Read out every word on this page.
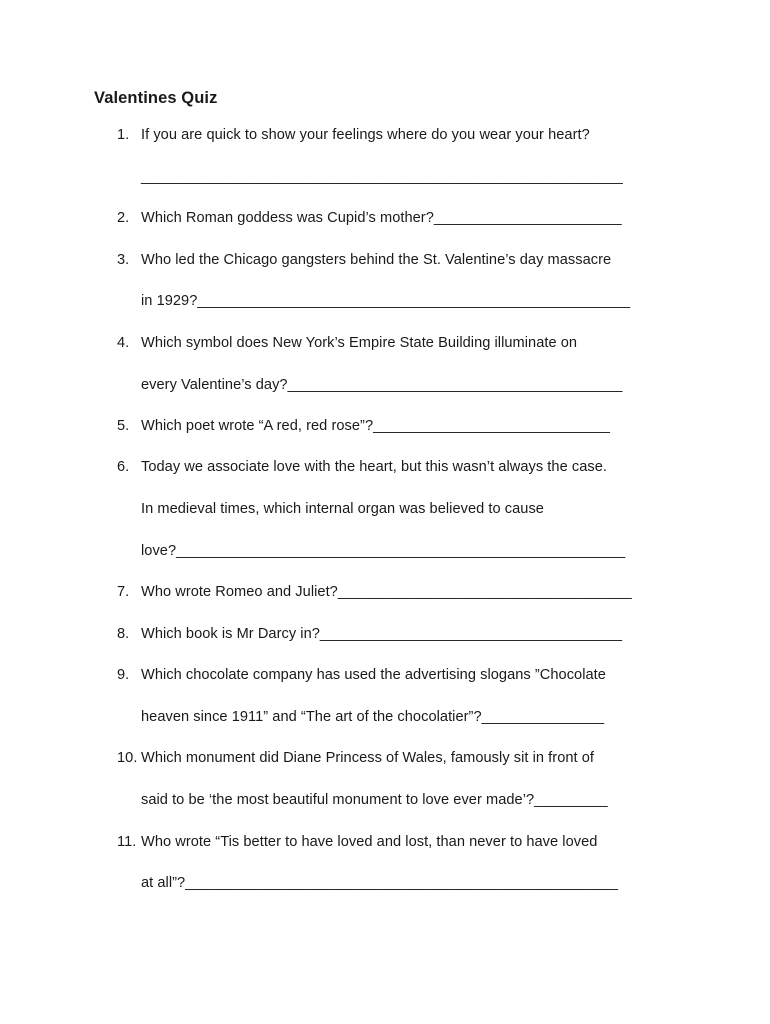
Valentines Quiz
1. If you are quick to show your feelings where do you wear your heart?
___________________________________________________________
2. Which Roman goddess was Cupid’s mother?_______________________
3. Who led the Chicago gangsters behind the St. Valentine’s day massacre
in 1929?_____________________________________________________
4. Which symbol does New York’s Empire State Building illuminate on
every Valentine’s day?_________________________________________
5. Which poet wrote “A red, red rose”?_____________________________
6. Today we associate love with the heart, but this wasn’t always the case.
In medieval times, which internal organ was believed to cause
love?_______________________________________________________
7. Who wrote Romeo and Juliet?____________________________________
8. Which book is Mr Darcy in?_____________________________________
9. Which chocolate company has used the advertising slogans ”Chocolate
heaven since 1911” and “The art of the chocolatier”?_______________
10. Which monument did Diane Princess of Wales, famously sit in front of
said to be ‘the most beautiful monument to love ever made’?_________
11. Who wrote “Tis better to have loved and lost, than never to have loved
at all”?_____________________________________________________
